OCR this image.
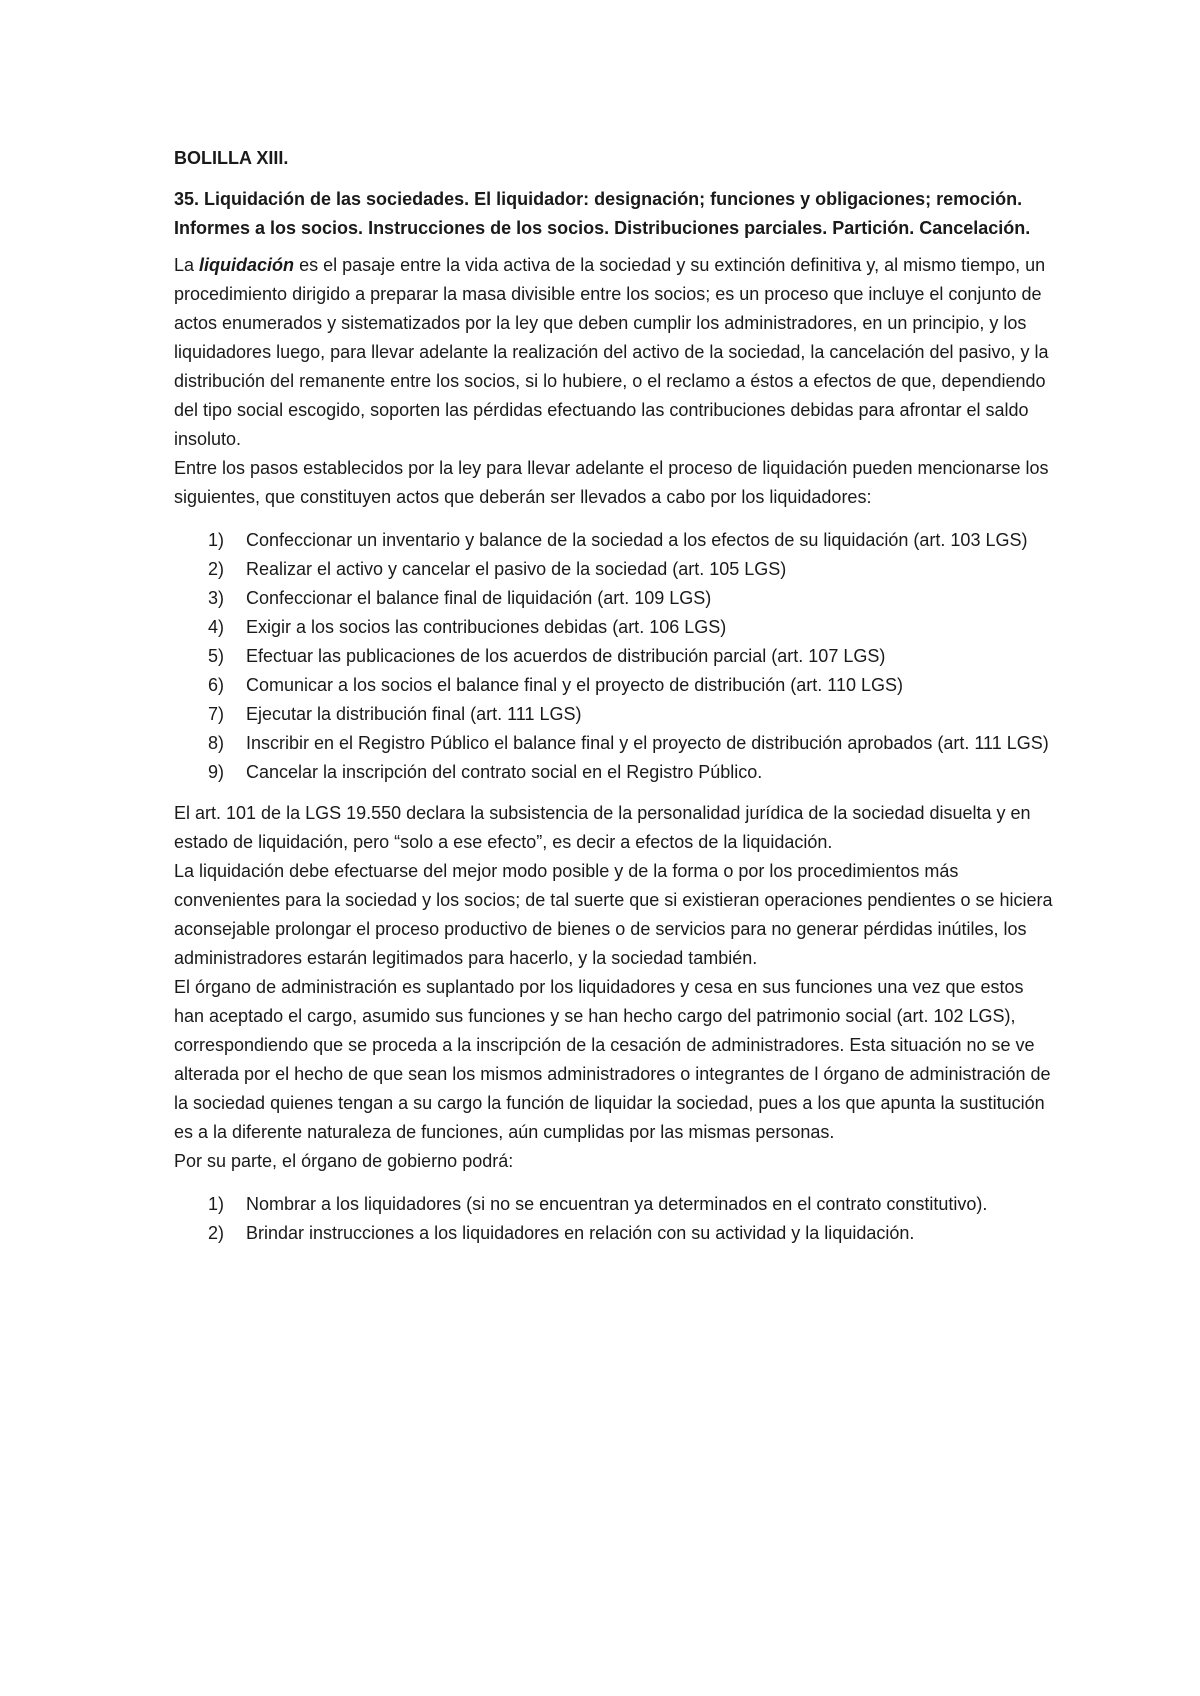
BOLILLA XIII.

35. Liquidación de las sociedades. El liquidador: designación; funciones y obligaciones; remoción. Informes a los socios. Instrucciones de los socios. Distribuciones parciales. Partición. Cancelación.

La liquidación es el pasaje entre la vida activa de la sociedad y su extinción definitiva y, al mismo tiempo, un procedimiento dirigido a preparar la masa divisible entre los socios; es un proceso que incluye el conjunto de actos enumerados y sistematizados por la ley que deben cumplir los administradores, en un principio, y los liquidadores luego, para llevar adelante la realización del activo de la sociedad, la cancelación del pasivo, y la distribución del remanente entre los socios, si lo hubiere, o el reclamo a éstos a efectos de que, dependiendo del tipo social escogido, soporten las pérdidas efectuando las contribuciones debidas para afrontar el saldo insoluto.

Entre los pasos establecidos por la ley para llevar adelante el proceso de liquidación pueden mencionarse los siguientes, que constituyen actos que deberán ser llevados a cabo por los liquidadores:

1) Confeccionar un inventario y balance de la sociedad a los efectos de su liquidación (art. 103 LGS)
2) Realizar el activo y cancelar el pasivo de la sociedad (art. 105 LGS)
3) Confeccionar el balance final de liquidación (art. 109 LGS)
4) Exigir a los socios las contribuciones debidas (art. 106 LGS)
5) Efectuar las publicaciones de los acuerdos de distribución parcial (art. 107 LGS)
6) Comunicar a los socios el balance final y el proyecto de distribución (art. 110 LGS)
7) Ejecutar la distribución final (art. 111 LGS)
8) Inscribir en el Registro Público el balance final y el proyecto de distribución aprobados (art. 111 LGS)
9) Cancelar la inscripción del contrato social en el Registro Público.

El art. 101 de la LGS 19.550 declara la subsistencia de la personalidad jurídica de la sociedad disuelta y en estado de liquidación, pero “solo a ese efecto”, es decir a efectos de la liquidación.

La liquidación debe efectuarse del mejor modo posible y de la forma o por los procedimientos más convenientes para la sociedad y los socios; de tal suerte que si existieran operaciones pendientes o se hiciera aconsejable prolongar el proceso productivo de bienes o de servicios para no generar pérdidas inútiles, los administradores estarán legitimados para hacerlo, y la sociedad también.

El órgano de administración es suplantado por los liquidadores y cesa en sus funciones una vez que estos han aceptado el cargo, asumido sus funciones y se han hecho cargo del patrimonio social (art. 102 LGS), correspondiendo que se proceda a la inscripción de la cesación de administradores. Esta situación no se ve alterada por el hecho de que sean los mismos administradores o integrantes de l órgano de administración de la sociedad quienes tengan a su cargo la función de liquidar la sociedad, pues a los que apunta la sustitución es a la diferente naturaleza de funciones, aún cumplidas por las mismas personas.

Por su parte, el órgano de gobierno podrá:

1) Nombrar a los liquidadores (si no se encuentran ya determinados en el contrato constitutivo).
2) Brindar instrucciones a los liquidadores en relación con su actividad y la liquidación.
